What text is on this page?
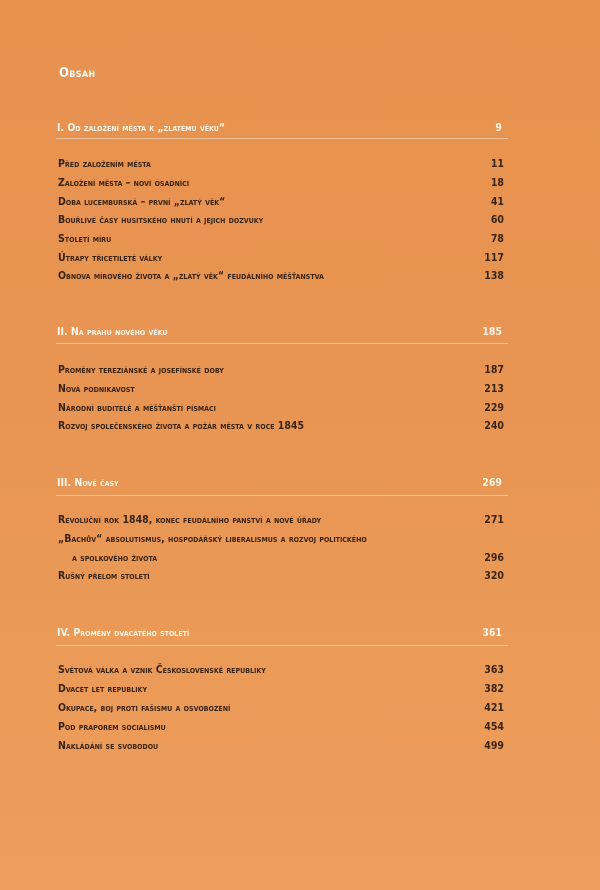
Obsah
I. Od založení města k „zlatému věku“	9
Před založením města	11
Založení města – noví osadníci	18
Doba lucemburská – první „zlatý věk“	41
Bouřlivé časy husitského hnutí a jejich dozvuky	60
Století míru	78
Útrapy třicetileté války	117
Obnova mírového života a „zlatý věk“ feudálního měšťanstva	138
II. Na prahu nového věku	185
Proměny tereziánské a josefínské doby	187
Nová podnikavost	213
Národní buditelé a měšťanští písmáci	229
Rozvoj společenského života a požár města v roce 1845	240
III. Nové časy	269
Revoluční rok 1848, konec feudálního panství a nové úřady	271
„Bachův“ absolutismus, hospodářský liberalismus a rozvoj politického
a spolkového života	296
Rušný přelom století	320
IV. Proměny dvacátého století	361
Světová válka a vznik Československé republiky	363
Dvacet let republiky	382
Okupace, boj proti fašismu a osvobození	421
Pod praporem socialismu	454
Nakládání se svobodou	499
